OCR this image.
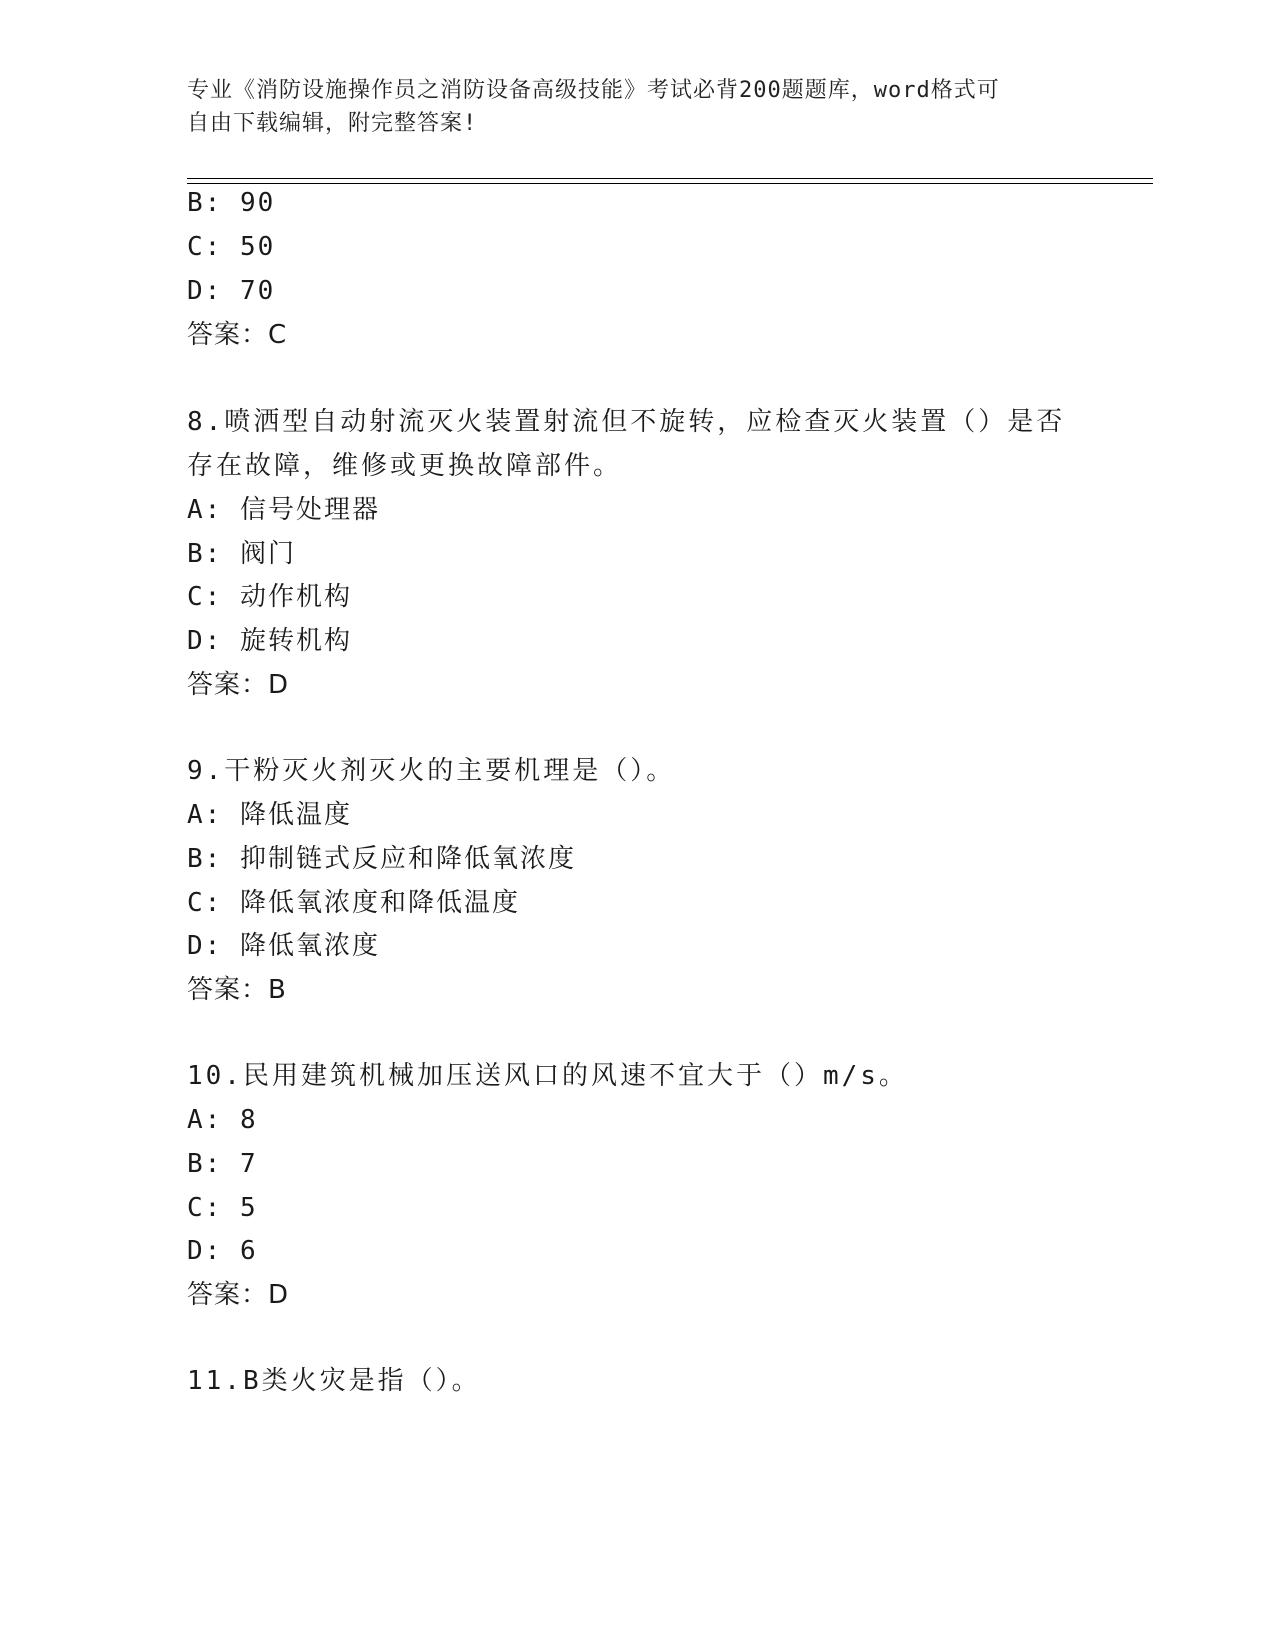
专业《消防设施操作员之消防设备高级技能》考试必背200题题库，word格式可
自由下载编辑，附完整答案!
B: 90
C: 50
D: 70
答案：C
8.喷洒型自动射流灭火装置射流但不旋转，应检查灭火装置（）是否
存在故障，维修或更换故障部件。
A: 信号处理器
B: 阀门
C: 动作机构
D: 旋转机构
答案：D
9.干粉灭火剂灭火的主要机理是（）。
A: 降低温度
B: 抑制链式反应和降低氧浓度
C: 降低氧浓度和降低温度
D: 降低氧浓度
答案：B
10.民用建筑机械加压送风口的风速不宜大于（）m/s。
A: 8
B: 7
C: 5
D: 6
答案：D
11.B类火灾是指（）。
